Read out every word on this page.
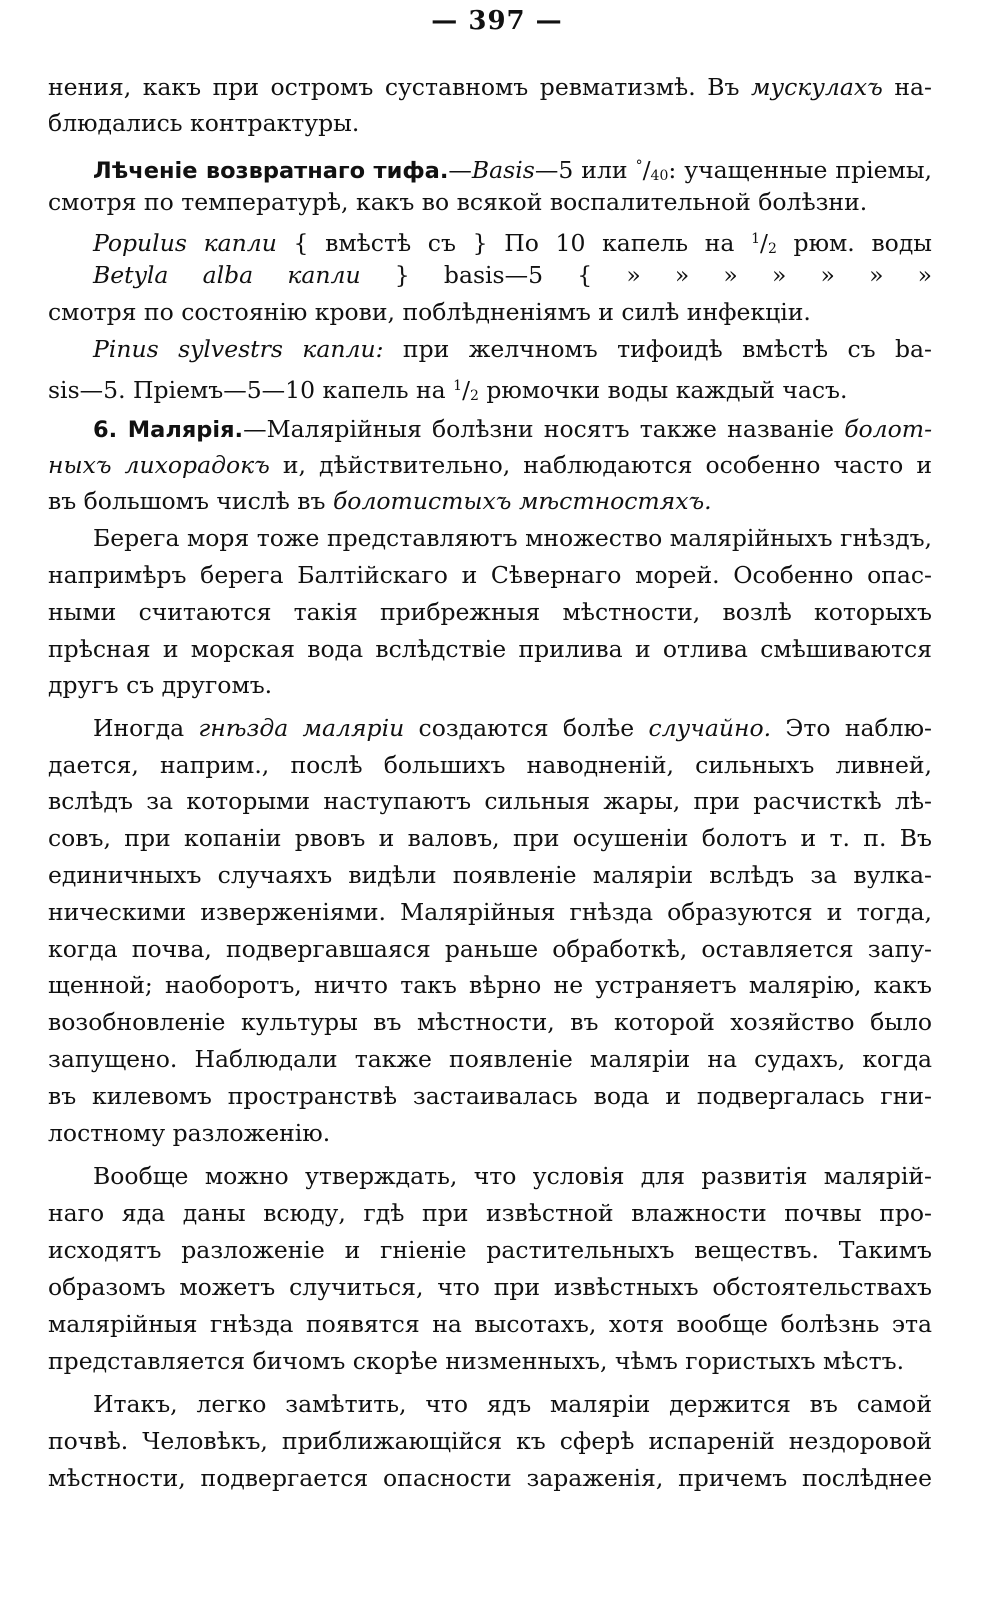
— 397 —
нения, какъ при остромъ суставномъ ревматизмѣ. Въ мускулахъ на-
блюдались контрактуры.
Лѣченіе возвратнаго тифа.—Basis—5 или °/40: учащенные пріемы,
смотря по температурѣ, какъ во всякой воспалительной болѣзни.
Populus капли { вмѣстѣ съ } По 10 капель на $^1$/2 рюм. воды
Betyla alba капли } basis—5 { » » » » » » »
смотря по состоянію крови, поблѣдненіямъ и силѣ инфекціи.
Pinus sylvestrs капли: при желчномъ тифоидѣ вмѣстѣ съ ba-
sis—5. Пріемъ—5—10 капель на $^1$/2 рюмочки воды каждый часъ.
6. Малярія.—Малярійныя болѣзни носятъ также названіе болот-
ныхъ лихорадокъ и, дѣйствительно, наблюдаются особенно часто и
въ большомъ числѣ въ болотистыхъ мѣстностяхъ.
Берега моря тоже представляютъ множество малярійныхъ гнѣздъ,
напримѣръ берега Балтійскаго и Сѣвернаго морей. Особенно опас-
ными считаются такія прибрежныя мѣстности, возлѣ которыхъ
прѣсная и морская вода вслѣдствіе прилива и отлива смѣшиваются
другъ съ другомъ.
Иногда гнѣзда маляріи создаются болѣе случайно. Это наблю-
дается, наприм., послѣ большихъ наводненій, сильныхъ ливней,
вслѣдъ за которыми наступаютъ сильныя жары, при расчисткѣ лѣ-
совъ, при копаніи рвовъ и валовъ, при осушеніи болотъ и т. п. Въ
единичныхъ случаяхъ видѣли появленіе маляріи вслѣдъ за вулка-
ническими изверженіями. Малярійныя гнѣзда образуются и тогда,
когда почва, подвергавшаяся раньше обработкѣ, оставляется запу-
щенной; наоборотъ, ничто такъ вѣрно не устраняетъ малярію, какъ
возобновленіе культуры въ мѣстности, въ которой хозяйство было
запущено. Наблюдали также появленіе маляріи на судахъ, когда
въ килевомъ пространствѣ застаивалась вода и подвергалась гни-
лостному разложенію.
Вообще можно утверждать, что условія для развитія малярій-
наго яда даны всюду, гдѣ при извѣстной влажности почвы про-
исходятъ разложеніе и гніеніе растительныхъ веществъ. Такимъ
образомъ можетъ случиться, что при извѣстныхъ обстоятельствахъ
малярійныя гнѣзда появятся на высотахъ, хотя вообще болѣзнь эта
представляется бичомъ скорѣе низменныхъ, чѣмъ гористыхъ мѣстъ.
Итакъ, легко замѣтить, что ядъ маляріи держится въ самой
почвѣ. Человѣкъ, приближающійся къ сферѣ испареній нездоровой
мѣстности, подвергается опасности зараженія, причемъ послѣднее
